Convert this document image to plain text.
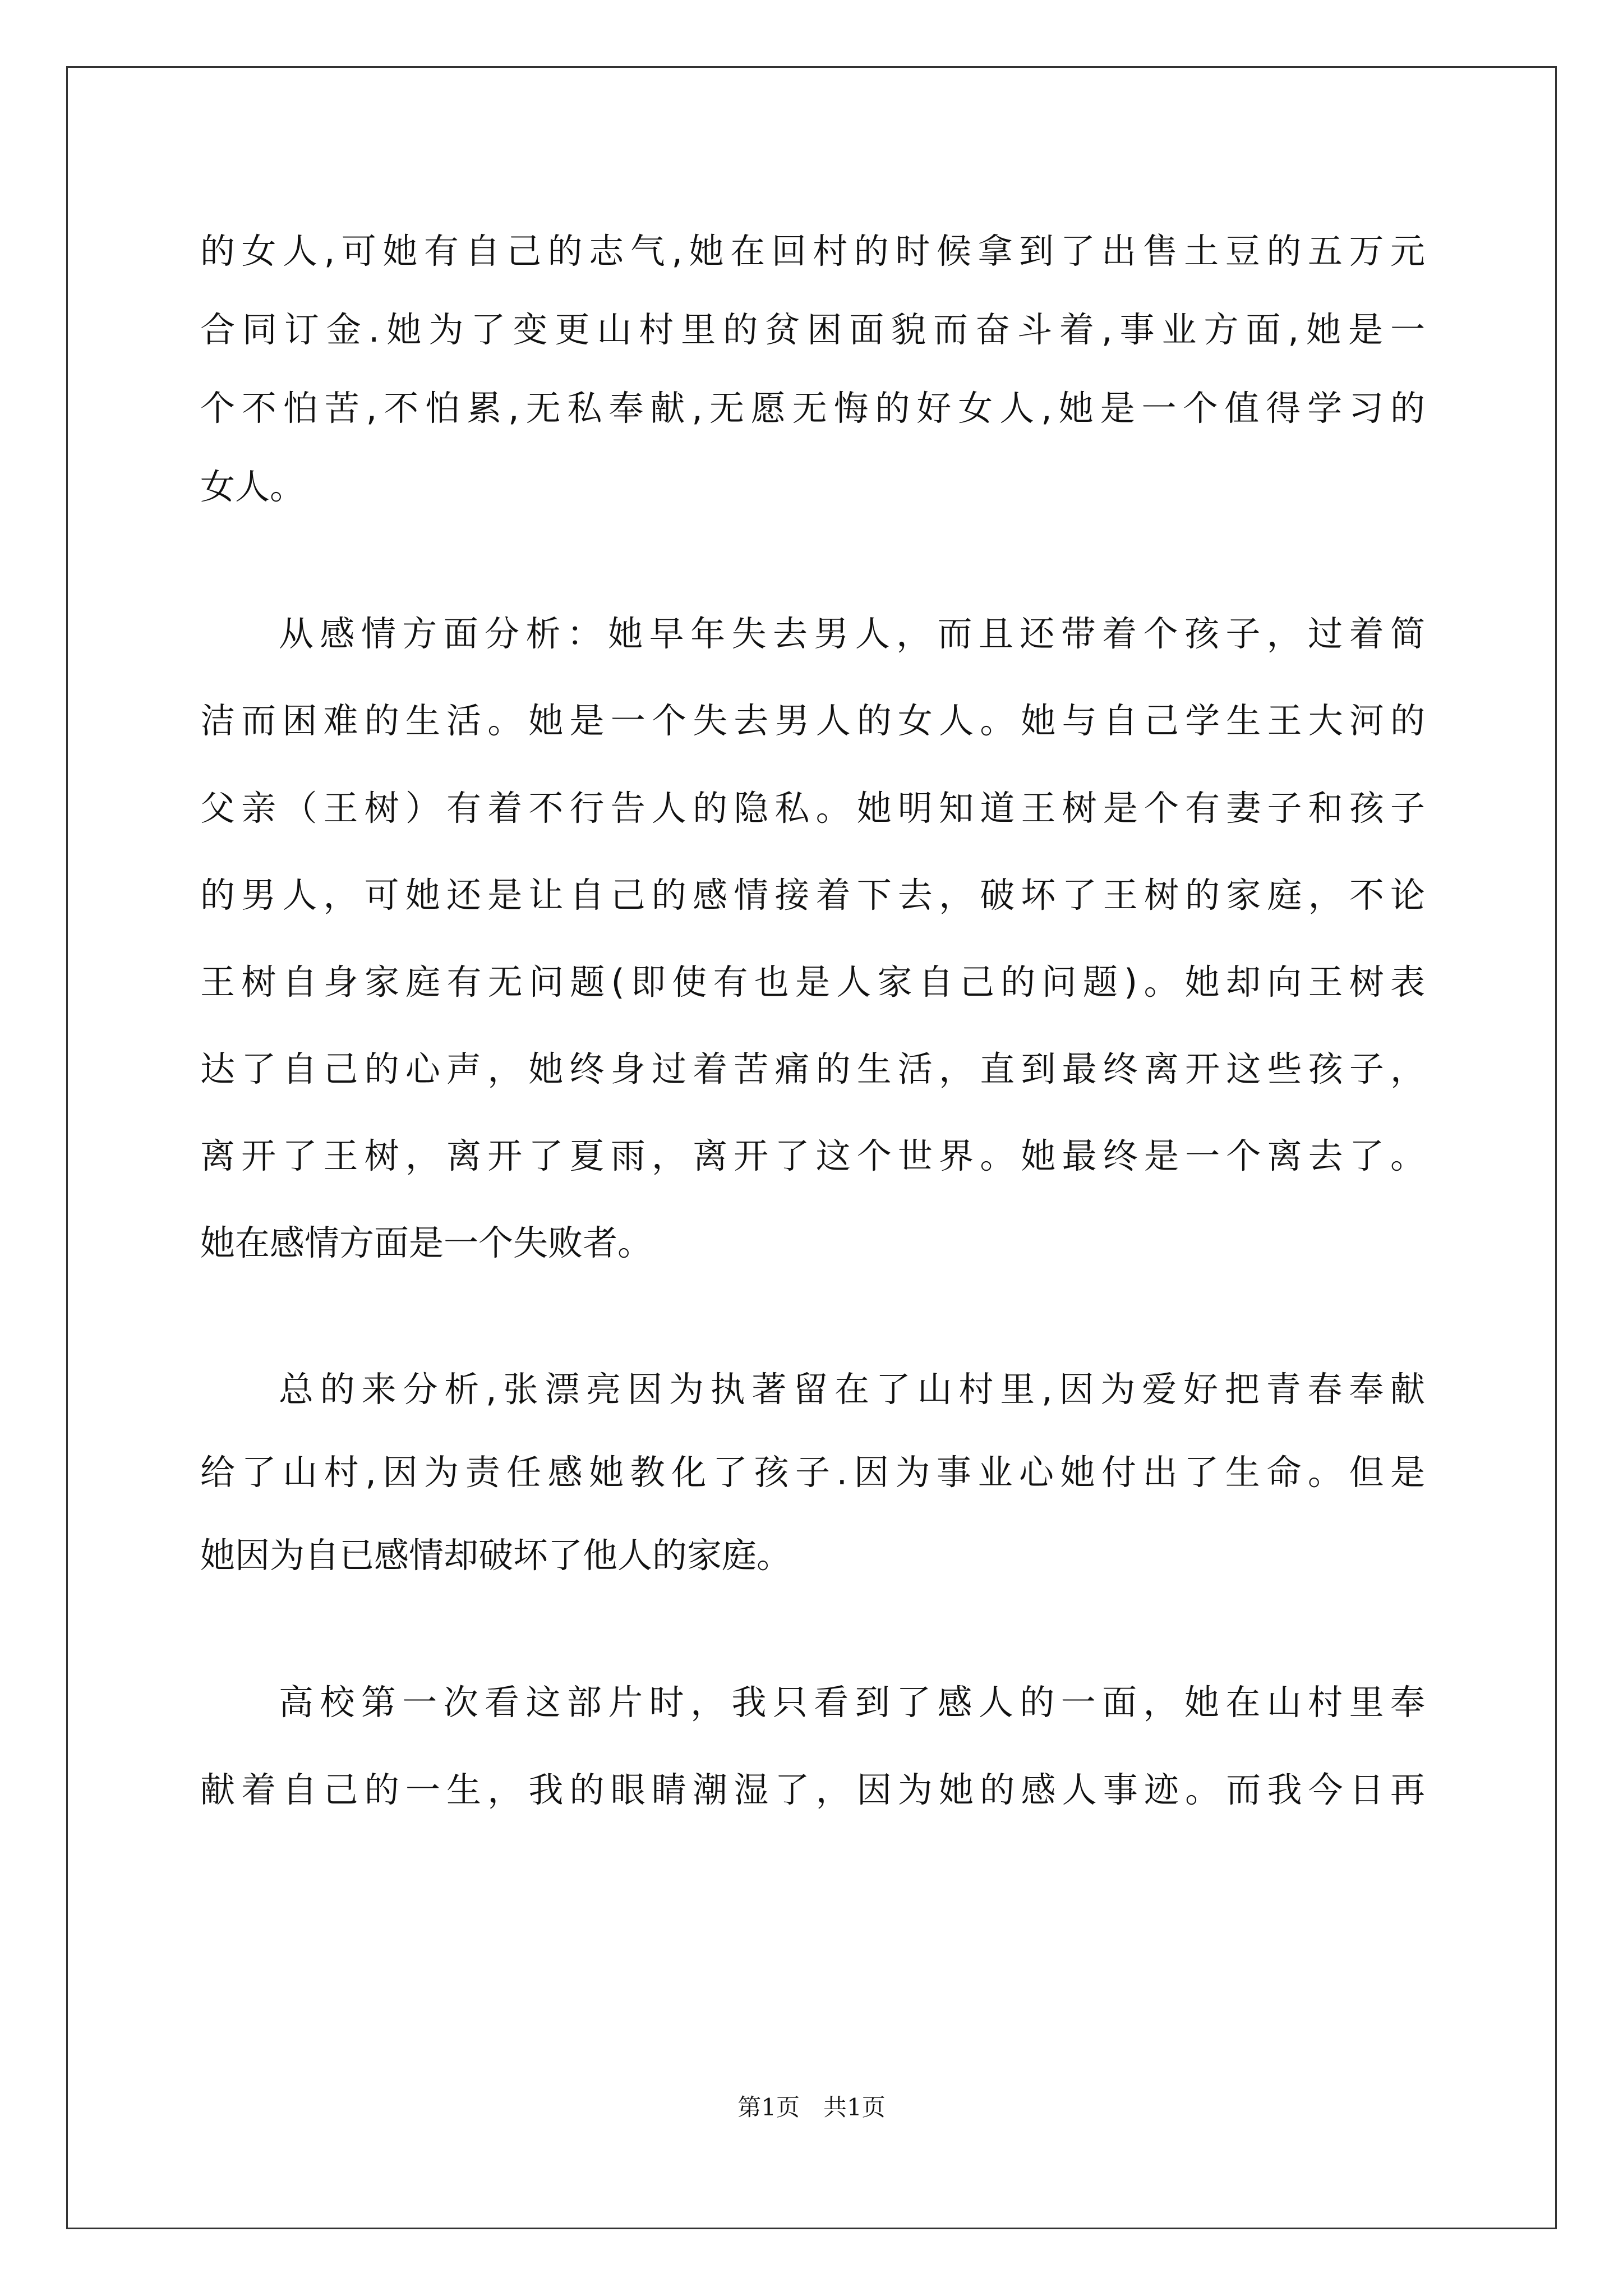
的女人,可她有自己的志气,她在回村的时候拿到了出售土豆的五万元
合同订金.她为了变更山村里的贫困面貌而奋斗着,事业方面,她是一
个不怕苦,不怕累,无私奉献,无愿无悔的好女人,她是一个值得学习的
女人。
从感情方面分析：她早年失去男人，而且还带着个孩子，过着简
洁而困难的生活。她是一个失去男人的女人。她与自己学生王大河的
父亲（王树）有着不行告人的隐私。她明知道王树是个有妻子和孩子
的男人，可她还是让自己的感情接着下去，破坏了王树的家庭，不论
王树自身家庭有无问题(即使有也是人家自己的问题)。她却向王树表
达了自己的心声，她终身过着苦痛的生活，直到最终离开这些孩子，
离开了王树，离开了夏雨，离开了这个世界。她最终是一个离去了。
她在感情方面是一个失败者。
总的来分析,张漂亮因为执著留在了山村里,因为爱好把青春奉献
给了山村,因为责任感她教化了孩子.因为事业心她付出了生命。但是
她因为自已感情却破坏了他人的家庭。
高校第一次看这部片时，我只看到了感人的一面，她在山村里奉
献着自己的一生，我的眼睛潮湿了，因为她的感人事迹。而我今日再
第1页　共1页
